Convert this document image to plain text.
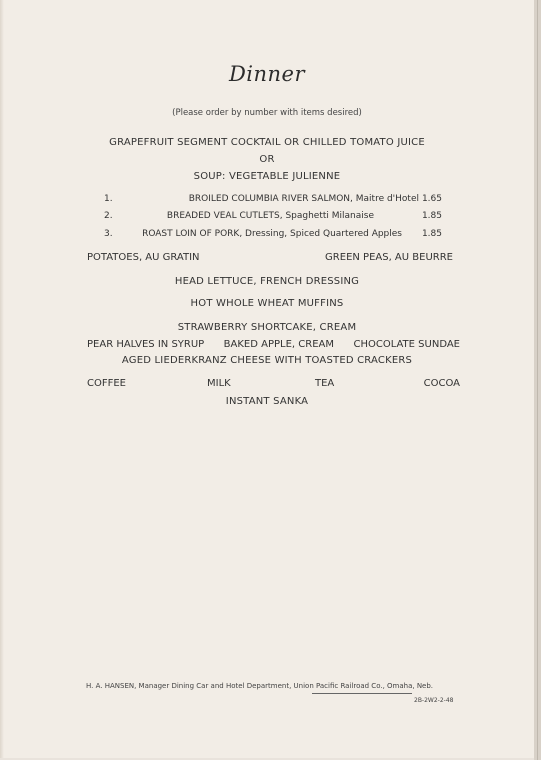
Dinner
(Please order by number with items desired)
GRAPEFRUIT SEGMENT COCKTAIL OR CHILLED TOMATO JUICE
OR
SOUP: VEGETABLE JULIENNE
1.	BROILED COLUMBIA RIVER SALMON, Maitre d'Hotel 1.65
2.	BREADED VEAL CUTLETS, Spaghetti Milanaise	1.85
3.	ROAST LOIN OF PORK, Dressing, Spiced Quartered Apples 1.85
POTATOES, AU GRATIN	GREEN PEAS, AU BEURRE
HEAD LETTUCE, FRENCH DRESSING
HOT WHOLE WHEAT MUFFINS
STRAWBERRY SHORTCAKE, CREAM
PEAR HALVES IN SYRUP BAKED APPLE, CREAM CHOCOLATE SUNDAE
AGED LIEDERKRANZ CHEESE WITH TOASTED CRACKERS
COFFEE	MILK	TEA	COCOA
INSTANT SANKA
H. A. HANSEN, Manager Dining Car and Hotel Department, Union Pacific Railroad Co., Omaha, Neb.
2B-2W2-2-48
